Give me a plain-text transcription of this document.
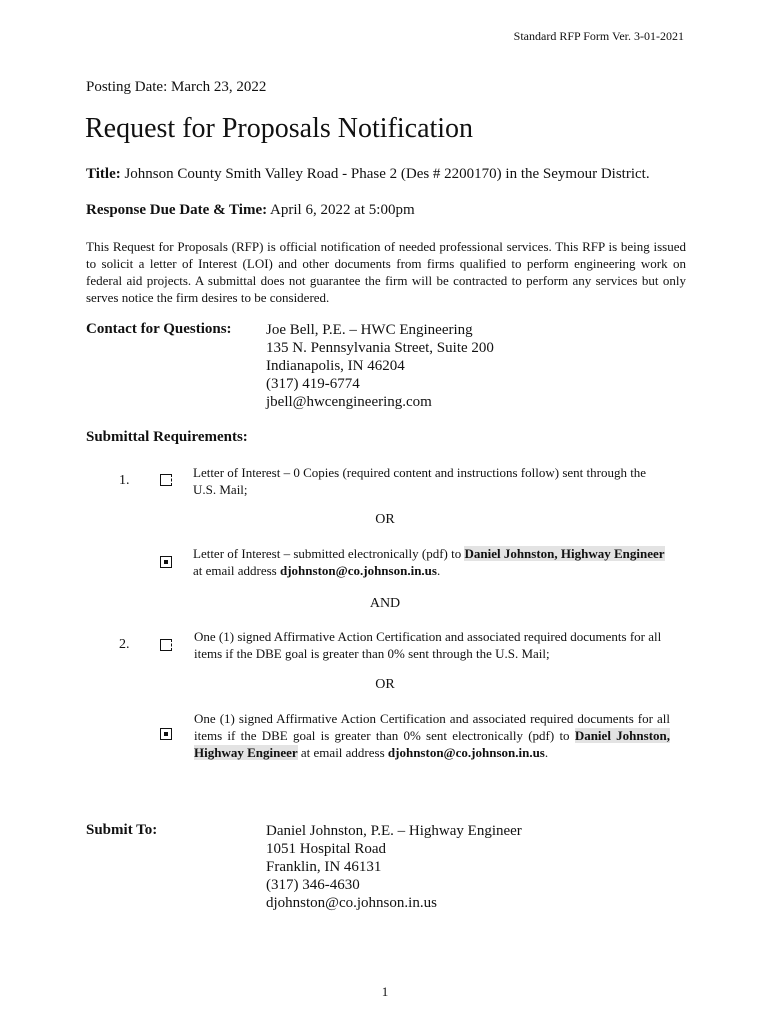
Standard RFP Form Ver. 3-01-2021
Posting Date: March 23, 2022
Request for Proposals Notification
Title: Johnson County Smith Valley Road - Phase 2 (Des # 2200170) in the Seymour District.
Response Due Date & Time: April 6, 2022 at 5:00pm

This Request for Proposals (RFP) is official notification of needed professional services. This RFP is being issued to solicit a letter of Interest (LOI) and other documents from firms qualified to perform engineering work on federal aid projects. A submittal does not guarantee the firm will be contracted to perform any services but only serves notice the firm desires to be considered.

Contact for Questions: Joe Bell, P.E. – HWC Engineering
135 N. Pennsylvania Street, Suite 200
Indianapolis, IN 46204
(317) 419-6774
jbell@hwcengineering.com
Submittal Requirements:
1.

Letter of Interest – 0 Copies (required content and instructions follow) sent through the U.S. Mail;

OR

Letter of Interest – submitted electronically (pdf) to Daniel Johnston, Highway Engineer at email address djohnston@co.johnson.in.us.

AND
2.

One (1) signed Affirmative Action Certification and associated required documents for all items if the DBE goal is greater than 0% sent through the U.S. Mail;

OR

One (1) signed Affirmative Action Certification and associated required documents for all items if the DBE goal is greater than 0% sent electronically (pdf) to Daniel Johnston, Highway Engineer at email address djohnston@co.johnson.in.us.

Submit To:	Daniel Johnston, P.E. – Highway Engineer
1051 Hospital Road
Franklin, IN 46131
(317) 346-4630
djohnston@co.johnson.in.us
1
